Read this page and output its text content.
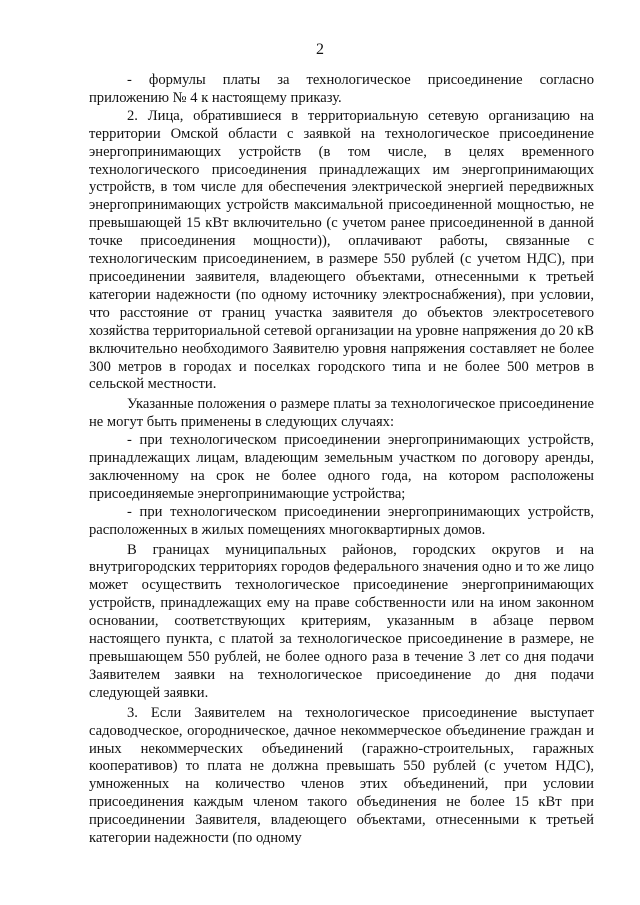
2

- формулы платы за технологическое присоединение согласно приложению № 4 к настоящему приказу.

2. Лица, обратившиеся в территориальную сетевую организацию на территории Омской области с заявкой на технологическое присоединение энергопринимающих устройств (в том числе, в целях временного технологического присоединения принадлежащих им энергопринимающих устройств, в том числе для обеспечения электрической энергией передвижных энергопринимающих устройств максимальной присоединенной мощностью, не превышающей 15 кВт включительно (с учетом ранее присоединенной в данной точке присоединения мощности)), оплачивают работы, связанные с технологическим присоединением, в размере 550 рублей (с учетом НДС), при присоединении заявителя, владеющего объектами, отнесенными к третьей категории надежности (по одному источнику электроснабжения), при условии, что расстояние от границ участка заявителя до объектов электросетевого хозяйства территориальной сетевой организации на уровне напряжения до 20 кВ включительно необходимого Заявителю уровня напряжения составляет не более 300 метров в городах и поселках городского типа и не более 500 метров в сельской местности.

Указанные положения о размере платы за технологическое присоединение не могут быть применены в следующих случаях:

- при технологическом присоединении энергопринимающих устройств, принадлежащих лицам, владеющим земельным участком по договору аренды, заключенному на срок не более одного года, на котором расположены присоединяемые энергопринимающие устройства;

- при технологическом присоединении энергопринимающих устройств, расположенных в жилых помещениях многоквартирных домов.

В границах муниципальных районов, городских округов и на внутригородских территориях городов федерального значения одно и то же лицо может осуществить технологическое присоединение энергопринимающих устройств, принадлежащих ему на праве собственности или на ином законном основании, соответствующих критериям, указанным в абзаце первом настоящего пункта, с платой за технологическое присоединение в размере, не превышающем 550 рублей, не более одного раза в течение 3 лет со дня подачи Заявителем заявки на технологическое присоединение до дня подачи следующей заявки.

3. Если Заявителем на технологическое присоединение выступает садоводческое, огородническое, дачное некоммерческое объединение граждан и иных некоммерческих объединений (гаражно-строительных, гаражных кооперативов) то плата не должна превышать 550 рублей (с учетом НДС), умноженных на количество членов этих объединений, при условии присоединения каждым членом такого объединения не более 15 кВт при присоединении Заявителя, владеющего объектами, отнесенными к третьей категории надежности (по одному
